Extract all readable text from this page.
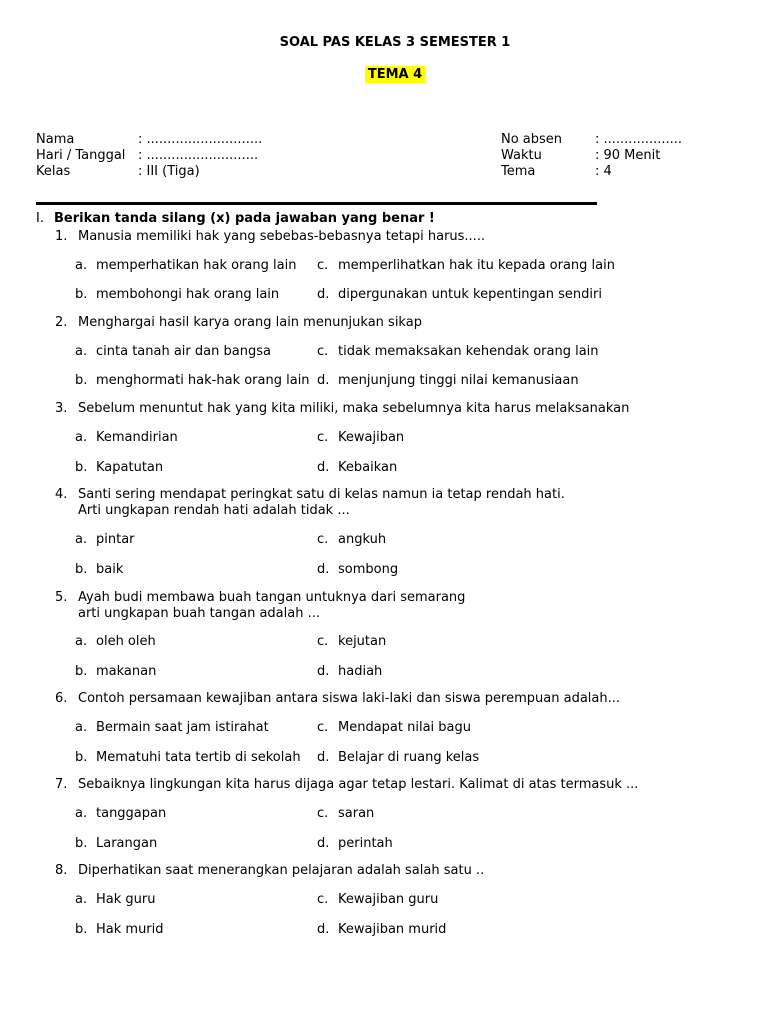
SOAL PAS KELAS 3 SEMESTER 1
TEMA 4
Nama	: ............................
Hari / Tanggal : ...........................
Kelas	: III (Tiga)
No absen	: ...................
Waktu	: 90 Menit
Tema	: 4
I. Berikan tanda silang (x) pada jawaban yang benar !
1. Manusia memiliki hak yang sebebas-bebasnya tetapi harus.....
a. memperhatikan hak orang lain c. memperlihatkan hak itu kepada orang lain
b. membohongi hak orang lain	d. dipergunakan untuk kepentingan sendiri
2. Menghargai hasil karya orang lain menunjukan sikap
a. cinta tanah air dan bangsa	c. tidak memaksakan kehendak orang lain
b. menghormati hak-hak orang lain d. menjunjung tinggi nilai kemanusiaan
3. Sebelum menuntut hak yang kita miliki, maka sebelumnya kita harus melaksanakan
a. Kemandirian	c. Kewajiban
b. Kapatutan	d. Kebaikan
4. Santi sering mendapat peringkat satu di kelas namun ia tetap rendah hati.
Arti ungkapan rendah hati adalah tidak ...
a. pintar	c. angkuh
b. baik	d. sombong
5. Ayah budi membawa buah tangan untuknya dari semarang
arti ungkapan buah tangan adalah ...
a. oleh oleh	c. kejutan
b. makanan	d. hadiah
6. Contoh persamaan kewajiban antara siswa laki-laki dan siswa perempuan adalah...
a. Bermain saat jam istirahat	c. Mendapat nilai bagu
b. Mematuhi tata tertib di sekolah d. Belajar di ruang kelas
7. Sebaiknya lingkungan kita harus dijaga agar tetap lestari. Kalimat di atas termasuk ...
a. tanggapan	c. saran
b. Larangan	d. perintah
8. Diperhatikan saat menerangkan pelajaran adalah salah satu ..
a. Hak guru	c. Kewajiban guru
b. Hak murid	d. Kewajiban murid
